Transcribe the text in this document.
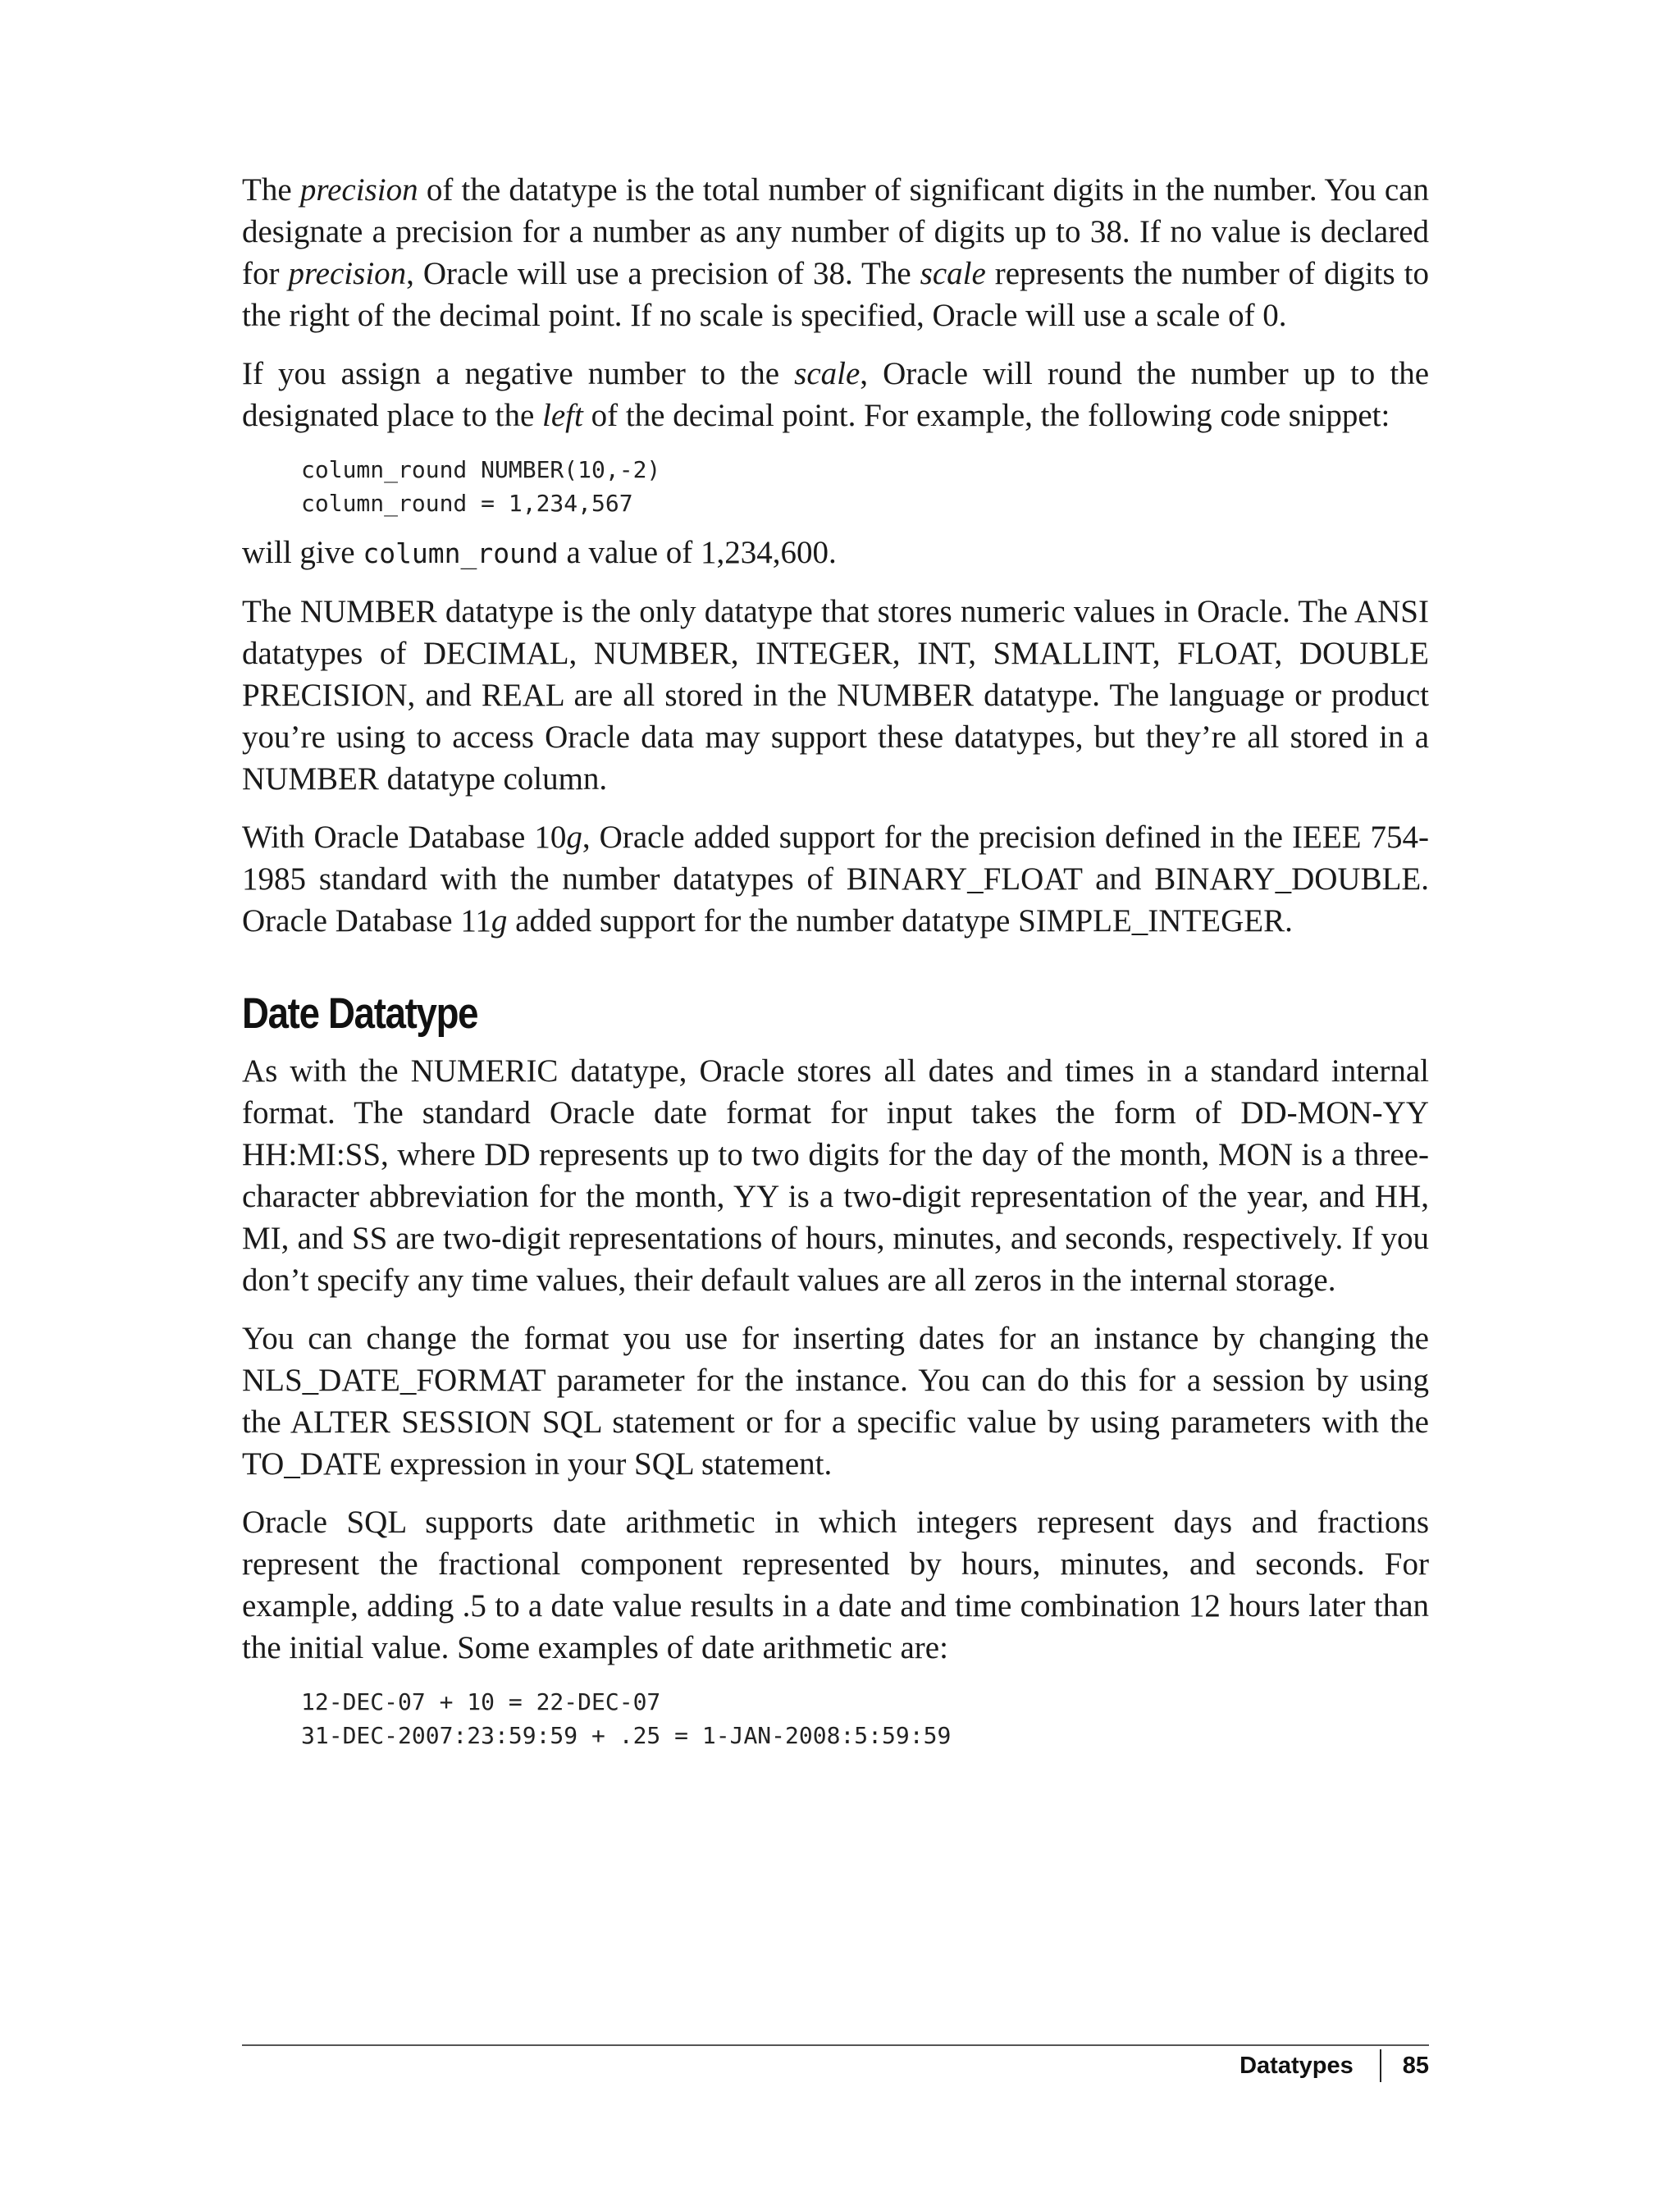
The precision of the datatype is the total number of significant digits in the number. You can designate a precision for a number as any number of digits up to 38. If no value is declared for precision, Oracle will use a precision of 38. The scale represents the number of digits to the right of the decimal point. If no scale is specified, Oracle will use a scale of 0.

If you assign a negative number to the scale, Oracle will round the number up to the designated place to the left of the decimal point. For example, the following code snippet:

column_round NUMBER(10,-2)
column_round = 1,234,567

will give column_round a value of 1,234,600.

The NUMBER datatype is the only datatype that stores numeric values in Oracle. The ANSI datatypes of DECIMAL, NUMBER, INTEGER, INT, SMALLINT, FLOAT, DOUBLE PRECISION, and REAL are all stored in the NUMBER datatype. The language or product you’re using to access Oracle data may support these datatypes, but they’re all stored in a NUMBER datatype column.

With Oracle Database 10g, Oracle added support for the precision defined in the IEEE 754-1985 standard with the number datatypes of BINARY_FLOAT and BINARY_DOUBLE. Oracle Database 11g added support for the number datatype SIMPLE_INTEGER.

Date Datatype

As with the NUMERIC datatype, Oracle stores all dates and times in a standard internal format. The standard Oracle date format for input takes the form of DD-MON-YY HH:MI:SS, where DD represents up to two digits for the day of the month, MON is a three-character abbreviation for the month, YY is a two-digit representation of the year, and HH, MI, and SS are two-digit representations of hours, minutes, and seconds, respectively. If you don’t specify any time values, their default values are all zeros in the internal storage.

You can change the format you use for inserting dates for an instance by changing the NLS_DATE_FORMAT parameter for the instance. You can do this for a session by using the ALTER SESSION SQL statement or for a specific value by using parameters with the TO_DATE expression in your SQL statement.

Oracle SQL supports date arithmetic in which integers represent days and fractions represent the fractional component represented by hours, minutes, and seconds. For example, adding .5 to a date value results in a date and time combination 12 hours later than the initial value. Some examples of date arithmetic are:

12-DEC-07 + 10 = 22-DEC-07
31-DEC-2007:23:59:59 + .25 = 1-JAN-2008:5:59:59
Datatypes 85
